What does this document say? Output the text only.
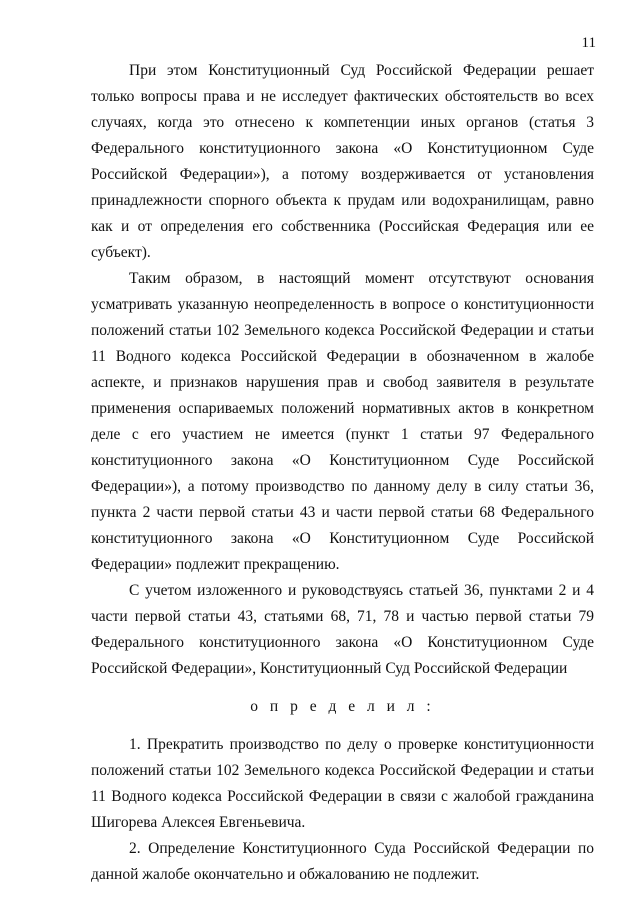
11

При этом Конституционный Суд Российской Федерации решает только вопросы права и не исследует фактических обстоятельств во всех случаях, когда это отнесено к компетенции иных органов (статья 3 Федерального конституционного закона «О Конституционном Суде Российской Федерации»), а потому воздерживается от установления принадлежности спорного объекта к прудам или водохранилищам, равно как и от определения его собственника (Российская Федерация или ее субъект).

Таким образом, в настоящий момент отсутствуют основания усматривать указанную неопределенность в вопросе о конституционности положений статьи 102 Земельного кодекса Российской Федерации и статьи 11 Водного кодекса Российской Федерации в обозначенном в жалобе аспекте, и признаков нарушения прав и свобод заявителя в результате применения оспариваемых положений нормативных актов в конкретном деле с его участием не имеется (пункт 1 статьи 97 Федерального конституционного закона «О Конституционном Суде Российской Федерации»), а потому производство по данному делу в силу статьи 36, пункта 2 части первой статьи 43 и части первой статьи 68 Федерального конституционного закона «О Конституционном Суде Российской Федерации» подлежит прекращению.

С учетом изложенного и руководствуясь статьей 36, пунктами 2 и 4 части первой статьи 43, статьями 68, 71, 78 и частью первой статьи 79 Федерального конституционного закона «О Конституционном Суде Российской Федерации», Конституционный Суд Российской Федерации

о п р е д е л и л :

1. Прекратить производство по делу о проверке конституционности положений статьи 102 Земельного кодекса Российской Федерации и статьи 11 Водного кодекса Российской Федерации в связи с жалобой гражданина Шигорева Алексея Евгеньевича.

2. Определение Конституционного Суда Российской Федерации по данной жалобе окончательно и обжалованию не подлежит.
